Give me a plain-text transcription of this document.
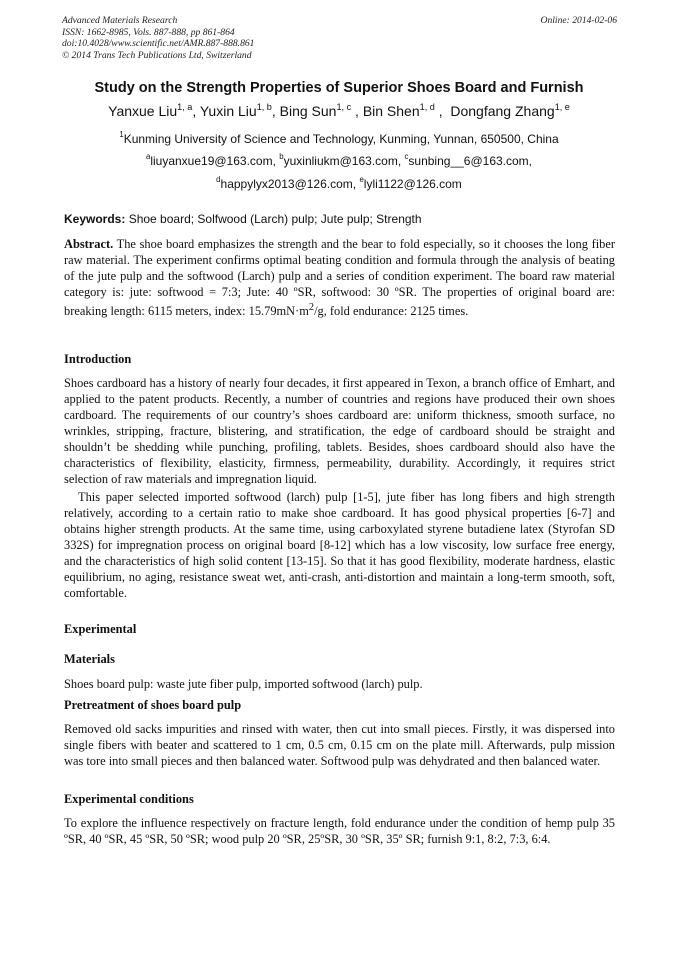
Advanced Materials Research
ISSN: 1662-8985, Vols. 887-888, pp 861-864
doi:10.4028/www.scientific.net/AMR.887-888.861
© 2014 Trans Tech Publications Ltd, Switzerland
Online: 2014-02-06
Study on the Strength Properties of Superior Shoes Board and Furnish
Yanxue Liu$^{1, a}$, Yuxin Liu$^{1, b}$, Bing Sun$^{1, c}$ , Bin Shen$^{1, d}$ , Dongfang Zhang$^{1, e}$
$^1$Kunming University of Science and Technology, Kunming, Yunnan, 650500, China
$^a$liuyanxue19@163.com, $^b$yuxinliukm@163.com, $^c$sunbing__6@163.com,
$^d$happylyx2013@126.com, $^e$lyli1122@126.com
Keywords: Shoe board; Solfwood (Larch) pulp; Jute pulp; Strength

Abstract. The shoe board emphasizes the strength and the bear to fold especially, so it chooses the long fiber raw material. The experiment confirms optimal beating condition and formula through the analysis of beating of the jute pulp and the softwood (Larch) pulp and a series of condition experiment. The board raw material category is: jute: softwood = 7:3; Jute: 40 ºSR, softwood: 30 ºSR. The properties of original board are: breaking length: 6115 meters, index: $15.79mN\cdot m^2/g$, fold endurance: 2125 times.

Introduction

Shoes cardboard has a history of nearly four decades, it first appeared in Texon, a branch office of Emhart, and applied to the patent products. Recently, a number of countries and regions have produced their own shoes cardboard. The requirements of our country’s shoes cardboard are: uniform thickness, smooth surface, no wrinkles, stripping, fracture, blistering, and stratification, the edge of cardboard should be straight and shouldn’t be shedding while punching, profiling, tablets. Besides, shoes cardboard should also have the characteristics of flexibility, elasticity, firmness, permeability, durability. Accordingly, it requires strict selection of raw materials and impregnation liquid.

This paper selected imported softwood (larch) pulp [1-5], jute fiber has long fibers and high strength relatively, according to a certain ratio to make shoe cardboard. It has good physical properties [6-7] and obtains higher strength products. At the same time, using carboxylated styrene butadiene latex (Styrofan SD 332S) for impregnation process on original board [8-12] which has a low viscosity, low surface free energy, and the characteristics of high solid content [13-15]. So that it has good flexibility, moderate hardness, elastic equilibrium, no aging, resistance sweat wet, anti-crash, anti-distortion and maintain a long-term smooth, soft, comfortable.

Experimental
Materials

Shoes board pulp: waste jute fiber pulp, imported softwood (larch) pulp.

Pretreatment of shoes board pulp

Removed old sacks impurities and rinsed with water, then cut into small pieces. Firstly, it was dispersed into single fibers with beater and scattered to 1 cm, 0.5 cm, 0.15 cm on the plate mill. Afterwards, pulp mission was tore into small pieces and then balanced water. Softwood pulp was dehydrated and then balanced water.

Experimental conditions

To explore the influence respectively on fracture length, fold endurance under the condition of hemp pulp 35 ºSR, 40 ºSR, 45 ºSR, 50 ºSR; wood pulp 20 ºSR, 25ºSR, 30 ºSR, 35º SR; furnish 9:1, 8:2, 7:3, 6:4.
